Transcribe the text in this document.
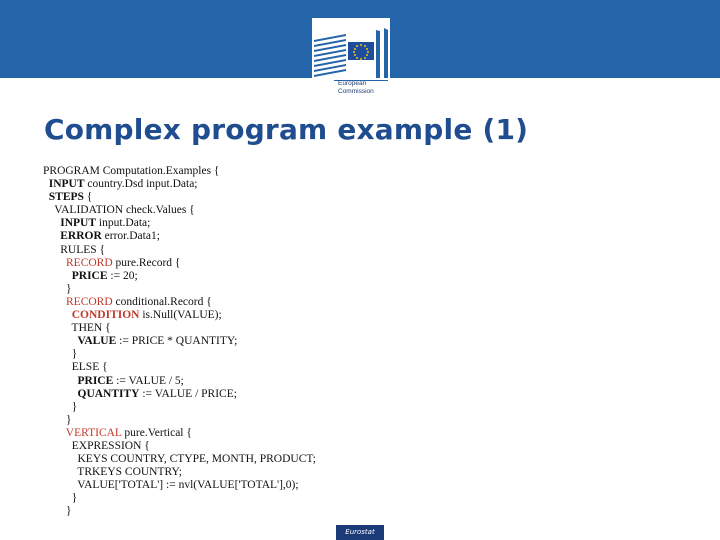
European
Commission
Complex program example (1)
PROGRAM Computation.Examples {
INPUT country.Dsd input.Data;
STEPS {
VALIDATION check.Values {
INPUT input.Data;
ERROR error.Data1;
RULES {
RECORD pure.Record {
PRICE := 20;
}
RECORD conditional.Record {
CONDITION is.Null(VALUE);
THEN {
VALUE := PRICE * QUANTITY;
}
ELSE {
PRICE := VALUE / 5;
QUANTITY := VALUE / PRICE;
}
}
VERTICAL pure.Vertical {
EXPRESSION {
KEYS COUNTRY, CTYPE, MONTH, PRODUCT;
TRKEYS COUNTRY;
VALUE['TOTAL'] := nvl(VALUE['TOTAL'],0);
}
}
Eurostat
